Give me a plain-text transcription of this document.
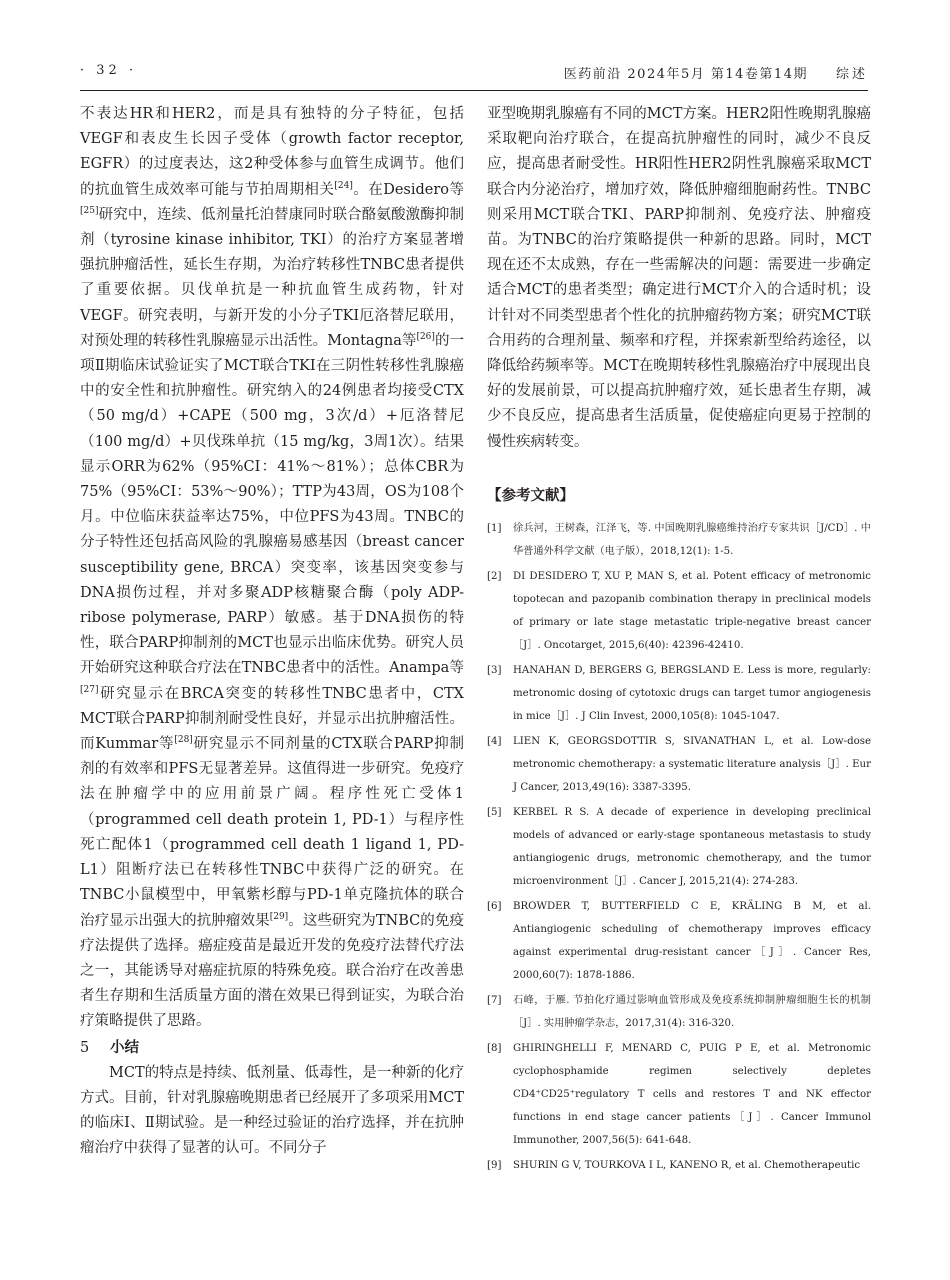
· 32 ·	医药前沿 2024年5月 第14卷第14期 综述

不表达HR和HER2，而是具有独特的分子特征，包括VEGF和表皮生长因子受体（growth factor receptor, EGFR）的过度表达，这2种受体参与血管生成调节。他们的抗血管生成效率可能与节拍周期相关[24]。在Desidero等[25]研究中，连续、低剂量托泊替康同时联合酪氨酸激酶抑制剂（tyrosine kinase inhibitor, TKI）的治疗方案显著增强抗肿瘤活性，延长生存期，为治疗转移性TNBC患者提供了重要依据。贝伐单抗是一种抗血管生成药物，针对VEGF。研究表明，与新开发的小分子TKI厄洛替尼联用，对预处理的转移性乳腺癌显示出活性。Montagna等[26]的一项Ⅱ期临床试验证实了MCT联合TKI在三阴性转移性乳腺癌中的安全性和抗肿瘤性。研究纳入的24例患者均接受CTX（50 mg/d）+CAPE（500 mg，3次/d）+厄洛替尼（100 mg/d）+贝伐珠单抗（15 mg/kg，3周1次）。结果显示ORR为62%（95%CI：41%～81%）；总体CBR为75%（95%CI：53%～90%）；TTP为43周，OS为108个月。中位临床获益率达75%，中位PFS为43周。TNBC的分子特性还包括高风险的乳腺癌易感基因（breast cancer susceptibility gene, BRCA）突变率，该基因突变参与DNA损伤过程，并对多聚ADP核糖聚合酶（poly ADP-ribose polymerase, PARP）敏感。基于DNA损伤的特性，联合PARP抑制剂的MCT也显示出临床优势。研究人员开始研究这种联合疗法在TNBC患者中的活性。Anampa等[27]研究显示在BRCA突变的转移性TNBC患者中，CTX MCT联合PARP抑制剂耐受性良好，并显示出抗肿瘤活性。而Kummar等[28]研究显示不同剂量的CTX联合PARP抑制剂的有效率和PFS无显著差异。这值得进一步研究。免疫疗法在肿瘤学中的应用前景广阔。程序性死亡受体1（programmed cell death protein 1, PD-1）与程序性死亡配体1（programmed cell death 1 ligand 1, PD-L1）阻断疗法已在转移性TNBC中获得广泛的研究。在TNBC小鼠模型中，甲氧紫杉醇与PD-1单克隆抗体的联合治疗显示出强大的抗肿瘤效果[29]。这些研究为TNBC的免疫疗法提供了选择。癌症疫苗是最近开发的免疫疗法替代疗法之一，其能诱导对癌症抗原的特殊免疫。联合治疗在改善患者生存期和生活质量方面的潜在效果已得到证实，为联合治疗策略提供了思路。

5 小结

MCT的特点是持续、低剂量、低毒性，是一种新的化疗方式。目前，针对乳腺癌晚期患者已经展开了多项采用MCT的临床Ⅰ、Ⅱ期试验。是一种经过验证的治疗选择，并在抗肿瘤治疗中获得了显著的认可。不同分子

亚型晚期乳腺癌有不同的MCT方案。HER2阳性晚期乳腺癌采取靶向治疗联合，在提高抗肿瘤性的同时，减少不良反应，提高患者耐受性。HR阳性HER2阴性乳腺癌采取MCT联合内分泌治疗，增加疗效，降低肿瘤细胞耐药性。TNBC则采用MCT联合TKI、PARP抑制剂、免疫疗法、肿瘤疫苗。为TNBC的治疗策略提供一种新的思路。同时，MCT现在还不太成熟，存在一些需解决的问题：需要进一步确定适合MCT的患者类型；确定进行MCT介入的合适时机；设计针对不同类型患者个性化的抗肿瘤药物方案；研究MCT联合用药的合理剂量、频率和疗程，并探索新型给药途径，以降低给药频率等。MCT在晚期转移性乳腺癌治疗中展现出良好的发展前景，可以提高抗肿瘤疗效，延长患者生存期，减少不良反应，提高患者生活质量，促使癌症向更易于控制的慢性疾病转变。

【参考文献】

[1] 徐兵河，王树森，江泽飞，等. 中国晚期乳腺癌维持治疗专家共识［J/CD］. 中华普通外科学文献（电子版），2018,12(1): 1-5.
[2] DI DESIDERO T, XU P, MAN S, et al. Potent efficacy of metronomic topotecan and pazopanib combination therapy in preclinical models of primary or late stage metastatic triple-negative breast cancer［J］. Oncotarget, 2015,6(40): 42396-42410.
[3] HANAHAN D, BERGERS G, BERGSLAND E. Less is more, regularly: metronomic dosing of cytotoxic drugs can target tumor angiogenesis in mice［J］. J Clin Invest, 2000,105(8): 1045-1047.
[4] LIEN K, GEORGSDOTTIR S, SIVANATHAN L, et al. Low-dose metronomic chemotherapy: a systematic literature analysis［J］. Eur J Cancer, 2013,49(16): 3387-3395.
[5] KERBEL R S. A decade of experience in developing preclinical models of advanced or early-stage spontaneous metastasis to study antiangiogenic drugs, metronomic chemotherapy, and the tumor microenvironment［J］. Cancer J, 2015,21(4): 274-283.
[6] BROWDER T, BUTTERFIELD C E, KRÄLING B M, et al. Antiangiogenic scheduling of chemotherapy improves efficacy against experimental drug-resistant cancer［J］. Cancer Res, 2000,60(7): 1878-1886.
[7] 石峰，于雁. 节拍化疗通过影响血管形成及免疫系统抑制肿瘤细胞生长的机制［J］. 实用肿瘤学杂志，2017,31(4): 316-320.
[8] GHIRINGHELLI F, MENARD C, PUIG P E, et al. Metronomic cyclophosphamide regimen selectively depletes CD4⁺CD25⁺regulatory T cells and restores T and NK effector functions in end stage cancer patients［J］. Cancer Immunol Immunother, 2007,56(5): 641-648.
[9] SHURIN G V, TOURKOVA I L, KANENO R, et al. Chemotherapeutic
